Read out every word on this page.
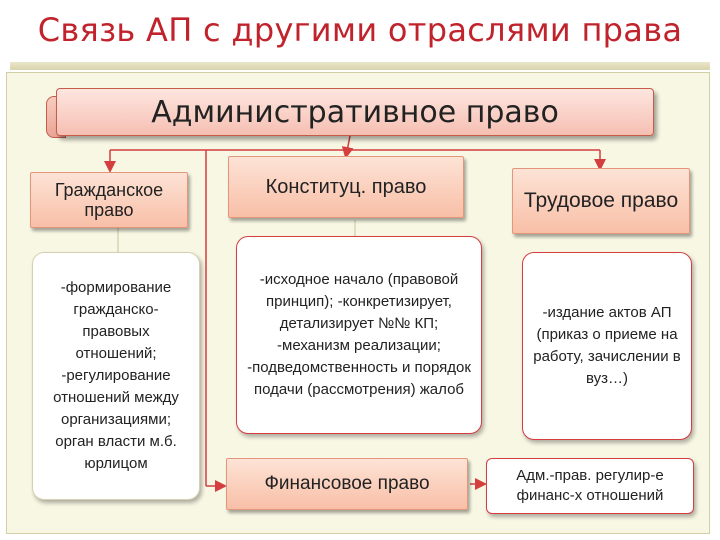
Связь АП с другими отраслями права
Административное право
Гражданское право
-формирование гражданско-правовых отношений; -регулирование отношений между организациями; орган власти м.б. юрлицом
Конституц. право
-исходное начало (правовой принцип); -конкретизирует, детализирует №№ КП; -механизм реализации; -подведомственность и порядок подачи (рассмотрения) жалоб
Трудовое право
-издание актов АП (приказ о приеме на работу, зачислении в вуз…)
Финансовое право	Адм.-прав. регулир-е финанс-х отношений
